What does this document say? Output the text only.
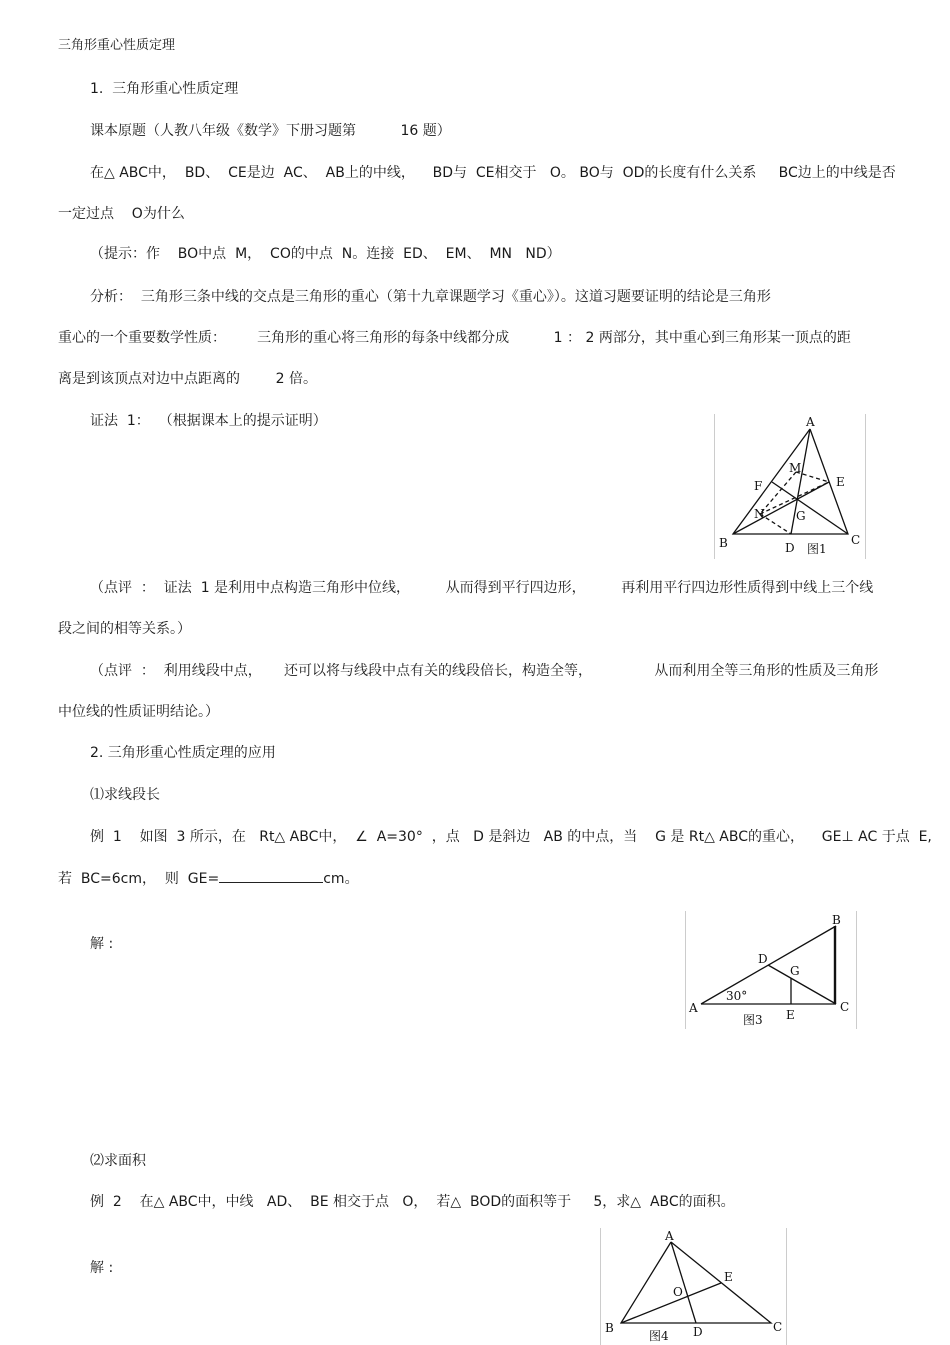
三角形重心性质定理
1.  三角形重心性质定理
课本原题（人教八年级《数学》下册习题第          16 题）
在△ ABC中，  BD、  CE是边  AC、  AB上的中线，    BD与  CE相交于   O。 BO与  OD的长度有什么关系     BC边上的中线是否
一定过点    O为什么
（提示：作    BO中点  M，  CO的中点  N。连接  ED、  EM、  MN   ND）
分析：  三角形三条中线的交点是三角形的重心（第十九章课题学习《重心》）。这道习题要证明的结论是三角形
重心的一个重要数学性质：       三角形的重心将三角形的每条中线都分成          1 ： 2 两部分，其中重心到三角形某一顶点的距
离是到该顶点对边中点距离的        2 倍。
证法  1：  （根据课本上的提示证明）
（点评  ：  证法  1 是利用中点构造三角形中位线，        从而得到平行四边形，        再利用平行四边形性质得到中线上三个线
段之间的相等关系。）
（点评  ：  利用线段中点，     还可以将与线段中点有关的线段倍长，构造全等，              从而利用全等三角形的性质及三角形
中位线的性质证明结论。）
2. 三角形重心性质定理的应用
⑴求线段长
例  1    如图  3 所示，在   Rt△ ABC中，  ∠  A=30°  ，点   D 是斜边   AB 的中点，当    G 是 Rt△ ABC的重心，    GE⊥ AC 于点  E,
若  BC=6cm，  则  GE=	cm。
解 :
⑵求面积
例  2    在△ ABC中，中线   AD、  BE 相交于点   O，  若△  BOD的面积等于     5，求△  ABC的面积。
解 :
A
B	C
D
E
F
M
N	G
图1
B
A	C
D
G
E
30°
图3
A
B	C
D
E
O
图4
